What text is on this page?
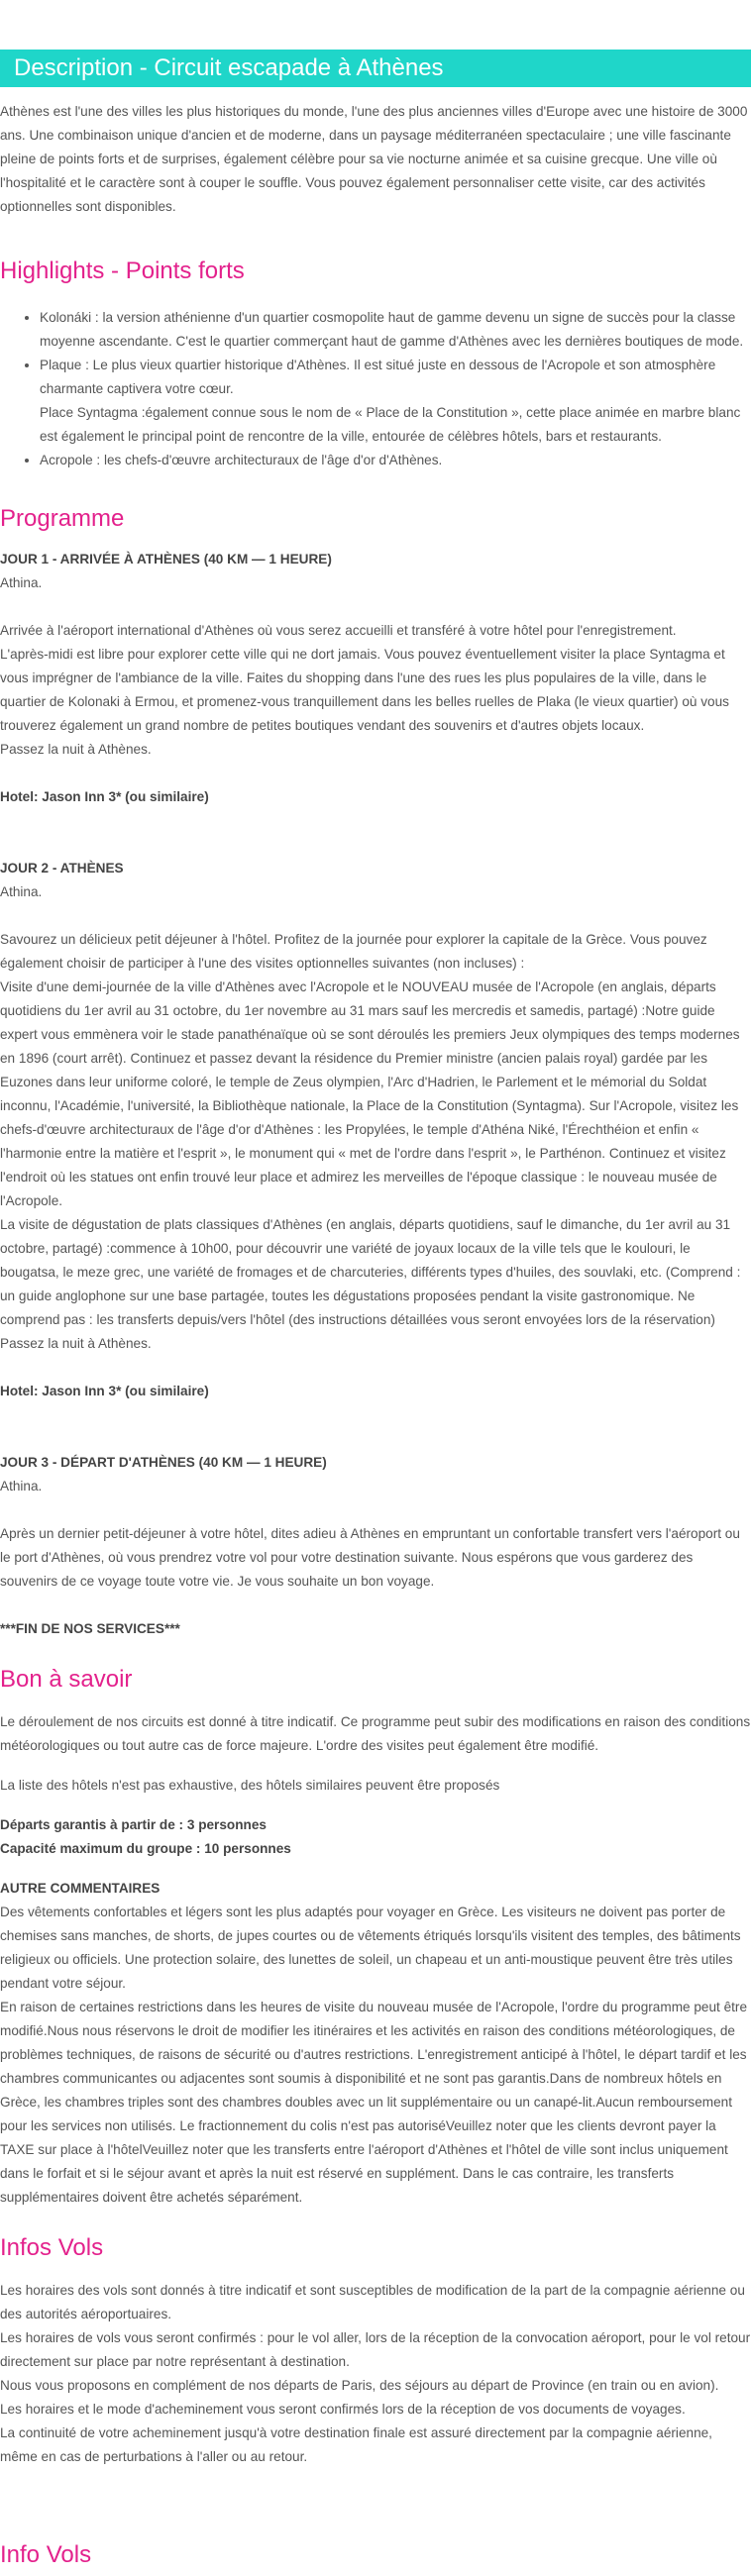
Description - Circuit escapade à Athènes

Athènes est l'une des villes les plus historiques du monde, l'une des plus anciennes villes d'Europe avec une histoire de 3000 ans. Une combinaison unique d'ancien et de moderne, dans un paysage méditerranéen spectaculaire ; une ville fascinante pleine de points forts et de surprises, également célèbre pour sa vie nocturne animée et sa cuisine grecque. Une ville où l'hospitalité et le caractère sont à couper le souffle. Vous pouvez également personnaliser cette visite, car des activités optionnelles sont disponibles.

Highlights - Points forts
• Kolonáki : la version athénienne d'un quartier cosmopolite haut de gamme devenu un signe de succès pour la classe moyenne ascendante. C'est le quartier commerçant haut de gamme d'Athènes avec les dernières boutiques de mode.
• Plaque : Le plus vieux quartier historique d'Athènes. Il est situé juste en dessous de l'Acropole et son atmosphère charmante captivera votre cœur.
Place Syntagma :également connue sous le nom de « Place de la Constitution », cette place animée en marbre blanc est également le principal point de rencontre de la ville, entourée de célèbres hôtels, bars et restaurants.
• Acropole : les chefs-d'œuvre architecturaux de l'âge d'or d'Athènes.
Programme

JOUR 1 - ARRIVÉE À ATHÈNES (40 KM — 1 HEURE)

Athina.

Arrivée à l'aéroport international d'Athènes où vous serez accueilli et transféré à votre hôtel pour l'enregistrement.

L'après-midi est libre pour explorer cette ville qui ne dort jamais. Vous pouvez éventuellement visiter la place Syntagma et vous imprégner de l'ambiance de la ville. Faites du shopping dans l'une des rues les plus populaires de la ville, dans le quartier de Kolonaki à Ermou, et promenez-vous tranquillement dans les belles ruelles de Plaka (le vieux quartier) où vous trouverez également un grand nombre de petites boutiques vendant des souvenirs et d'autres objets locaux.

Passez la nuit à Athènes.

Hotel: Jason Inn 3* (ou similaire)

JOUR 2 - ATHÈNES

Athina.

Savourez un délicieux petit déjeuner à l'hôtel. Profitez de la journée pour explorer la capitale de la Grèce. Vous pouvez également choisir de participer à l'une des visites optionnelles suivantes (non incluses) :

Visite d'une demi-journée de la ville d'Athènes avec l'Acropole et le NOUVEAU musée de l'Acropole (en anglais, départs quotidiens du 1er avril au 31 octobre, du 1er novembre au 31 mars sauf les mercredis et samedis, partagé) :Notre guide expert vous emmènera voir le stade panathénaïque où se sont déroulés les premiers Jeux olympiques des temps modernes en 1896 (court arrêt). Continuez et passez devant la résidence du Premier ministre (ancien palais royal) gardée par les Euzones dans leur uniforme coloré, le temple de Zeus olympien, l'Arc d'Hadrien, le Parlement et le mémorial du Soldat inconnu, l'Académie, l'université, la Bibliothèque nationale, la Place de la Constitution (Syntagma). Sur l'Acropole, visitez les chefs-d'œuvre architecturaux de l'âge d'or d'Athènes : les Propylées, le temple d'Athéna Niké, l'Érechthéion et enfin « l'harmonie entre la matière et l'esprit », le monument qui « met de l'ordre dans l'esprit », le Parthénon. Continuez et visitez l'endroit où les statues ont enfin trouvé leur place et admirez les merveilles de l'époque classique : le nouveau musée de l'Acropole.

La visite de dégustation de plats classiques d'Athènes (en anglais, départs quotidiens, sauf le dimanche, du 1er avril au 31 octobre, partagé) :commence à 10h00, pour découvrir une variété de joyaux locaux de la ville tels que le koulouri, le bougatsa, le meze grec, une variété de fromages et de charcuteries, différents types d'huiles, des souvlaki, etc. (Comprend : un guide anglophone sur une base partagée, toutes les dégustations proposées pendant la visite gastronomique. Ne comprend pas : les transferts depuis/vers l'hôtel (des instructions détaillées vous seront envoyées lors de la réservation)

Passez la nuit à Athènes.

Hotel: Jason Inn 3* (ou similaire)

JOUR 3 - DÉPART D'ATHÈNES (40 KM — 1 HEURE)

Athina.

Après un dernier petit-déjeuner à votre hôtel, dites adieu à Athènes en empruntant un confortable transfert vers l'aéroport ou le port d'Athènes, où vous prendrez votre vol pour votre destination suivante. Nous espérons que vous garderez des souvenirs de ce voyage toute votre vie. Je vous souhaite un bon voyage.

***FIN DE NOS SERVICES***

Bon à savoir

Le déroulement de nos circuits est donné à titre indicatif. Ce programme peut subir des modifications en raison des conditions météorologiques ou tout autre cas de force majeure. L'ordre des visites peut également être modifié.

La liste des hôtels n'est pas exhaustive, des hôtels similaires peuvent être proposés

Départs garantis à partir de : 3 personnes

Capacité maximum du groupe : 10 personnes

AUTRE COMMENTAIRES

Des vêtements confortables et légers sont les plus adaptés pour voyager en Grèce. Les visiteurs ne doivent pas porter de chemises sans manches, de shorts, de jupes courtes ou de vêtements étriqués lorsqu'ils visitent des temples, des bâtiments religieux ou officiels. Une protection solaire, des lunettes de soleil, un chapeau et un anti-moustique peuvent être très utiles pendant votre séjour.

En raison de certaines restrictions dans les heures de visite du nouveau musée de l'Acropole, l'ordre du programme peut être modifié.Nous nous réservons le droit de modifier les itinéraires et les activités en raison des conditions météorologiques, de problèmes techniques, de raisons de sécurité ou d'autres restrictions. L'enregistrement anticipé à l'hôtel, le départ tardif et les chambres communicantes ou adjacentes sont soumis à disponibilité et ne sont pas garantis.Dans de nombreux hôtels en Grèce, les chambres triples sont des chambres doubles avec un lit supplémentaire ou un canapé-lit.Aucun remboursement pour les services non utilisés. Le fractionnement du colis n'est pas autoriséVeuillez noter que les clients devront payer la TAXE sur place à l'hôtelVeuillez noter que les transferts entre l'aéroport d'Athènes et l'hôtel de ville sont inclus uniquement dans le forfait et si le séjour avant et après la nuit est réservé en supplément. Dans le cas contraire, les transferts supplémentaires doivent être achetés séparément.

Infos Vols

Les horaires des vols sont donnés à titre indicatif et sont susceptibles de modification de la part de la compagnie aérienne ou des autorités aéroportuaires.

Les horaires de vols vous seront confirmés : pour le vol aller, lors de la réception de la convocation aéroport, pour le vol retour directement sur place par notre représentant à destination.

Nous vous proposons en complément de nos départs de Paris, des séjours au départ de Province (en train ou en avion).

Les horaires et le mode d'acheminement vous seront confirmés lors de la réception de vos documents de voyages.

La continuité de votre acheminement jusqu'à votre destination finale est assuré directement par la compagnie aérienne, même en cas de perturbations à l'aller ou au retour.

Info Vols
